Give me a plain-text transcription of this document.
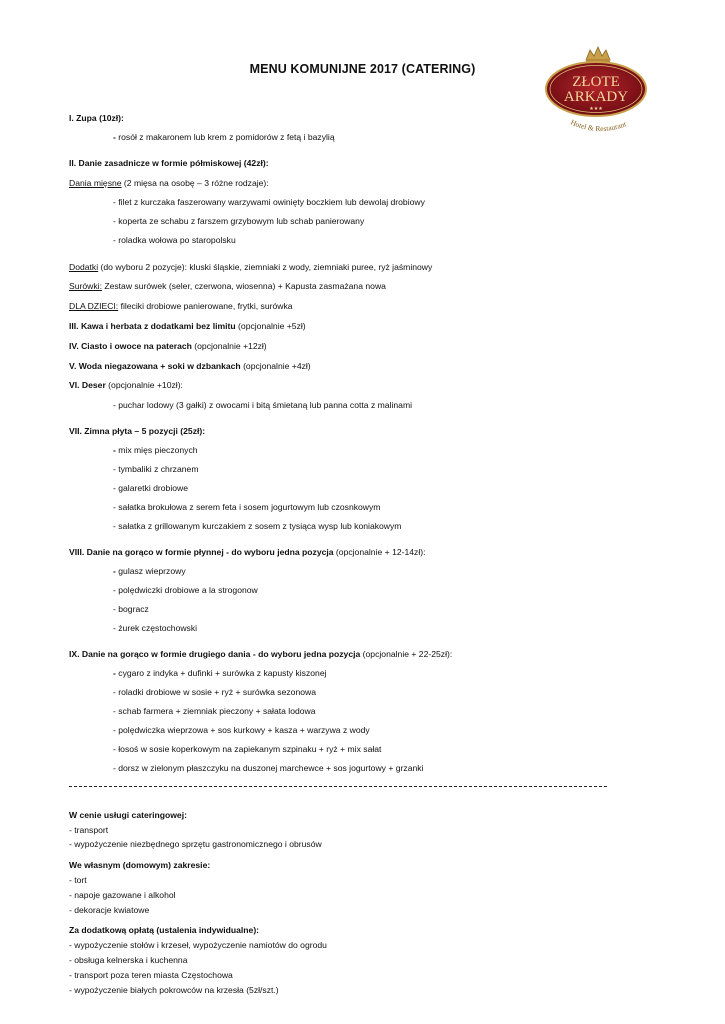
ZŁOTE
ARKADY
★★★
Hotel & Restaurant
MENU KOMUNIJNE 2017 (CATERING)
I. Zupa (10zł):
- rosół z makaronem lub krem z pomidorów z fetą i bazylią
II. Danie zasadnicze w formie półmiskowej (42zł):
Dania mięsne (2 mięsa na osobę – 3 różne rodzaje):
- filet z kurczaka faszerowany warzywami owinięty boczkiem lub dewolaj drobiowy
- koperta ze schabu z farszem grzybowym lub schab panierowany
- roladka wołowa po staropolsku
Dodatki (do wyboru 2 pozycje): kluski śląskie, ziemniaki z wody, ziemniaki puree, ryż jaśminowy
Surówki: Zestaw surówek (seler, czerwona, wiosenna) + Kapusta zasmażana nowa
DLA DZIECI: fileciki drobiowe panierowane, frytki, surówka
III. Kawa i herbata z dodatkami bez limitu (opcjonalnie +5zł)
IV. Ciasto i owoce na paterach (opcjonalnie +12zł)
V. Woda niegazowana + soki w dzbankach (opcjonalnie +4zł)
VI. Deser (opcjonalnie +10zł):
- puchar lodowy (3 gałki) z owocami i bitą śmietaną lub panna cotta z malinami
VII. Zimna płyta – 5 pozycji (25zł):
- mix mięs pieczonych
- tymbaliki z chrzanem
- galaretki drobiowe
- sałatka brokułowa z serem feta i sosem jogurtowym lub czosnkowym
- sałatka z grillowanym kurczakiem z sosem z tysiąca wysp lub koniakowym
VIII. Danie na gorąco w formie płynnej - do wyboru jedna pozycja (opcjonalnie + 12-14zł):
- gulasz wieprzowy
- polędwiczki drobiowe a la strogonow
- bogracz
- żurek częstochowski
IX. Danie na gorąco w formie drugiego dania - do wyboru jedna pozycja (opcjonalnie + 22-25zł):
- cygaro z indyka + dufinki + surówka z kapusty kiszonej
- roladki drobiowe w sosie + ryż + surówka sezonowa
- schab farmera + ziemniak pieczony + sałata lodowa
- polędwiczka wieprzowa + sos kurkowy + kasza + warzywa z wody
- łosoś w sosie koperkowym na zapiekanym szpinaku + ryż + mix sałat
- dorsz w zielonym płaszczyku na duszonej marchewce + sos jogurtowy + grzanki
W cenie usługi cateringowej:
- transport
- wypożyczenie niezbędnego sprzętu gastronomicznego i obrusów
We własnym (domowym) zakresie:
- tort
- napoje gazowane i alkohol
- dekoracje kwiatowe
Za dodatkową opłatą (ustalenia indywidualne):
- wypożyczenie stołów i krzeseł, wypożyczenie namiotów do ogrodu
- obsługa kelnerska i kuchenna
- transport poza teren miasta Częstochowa
- wypożyczenie białych pokrowców na krzesła (5zł/szt.)
